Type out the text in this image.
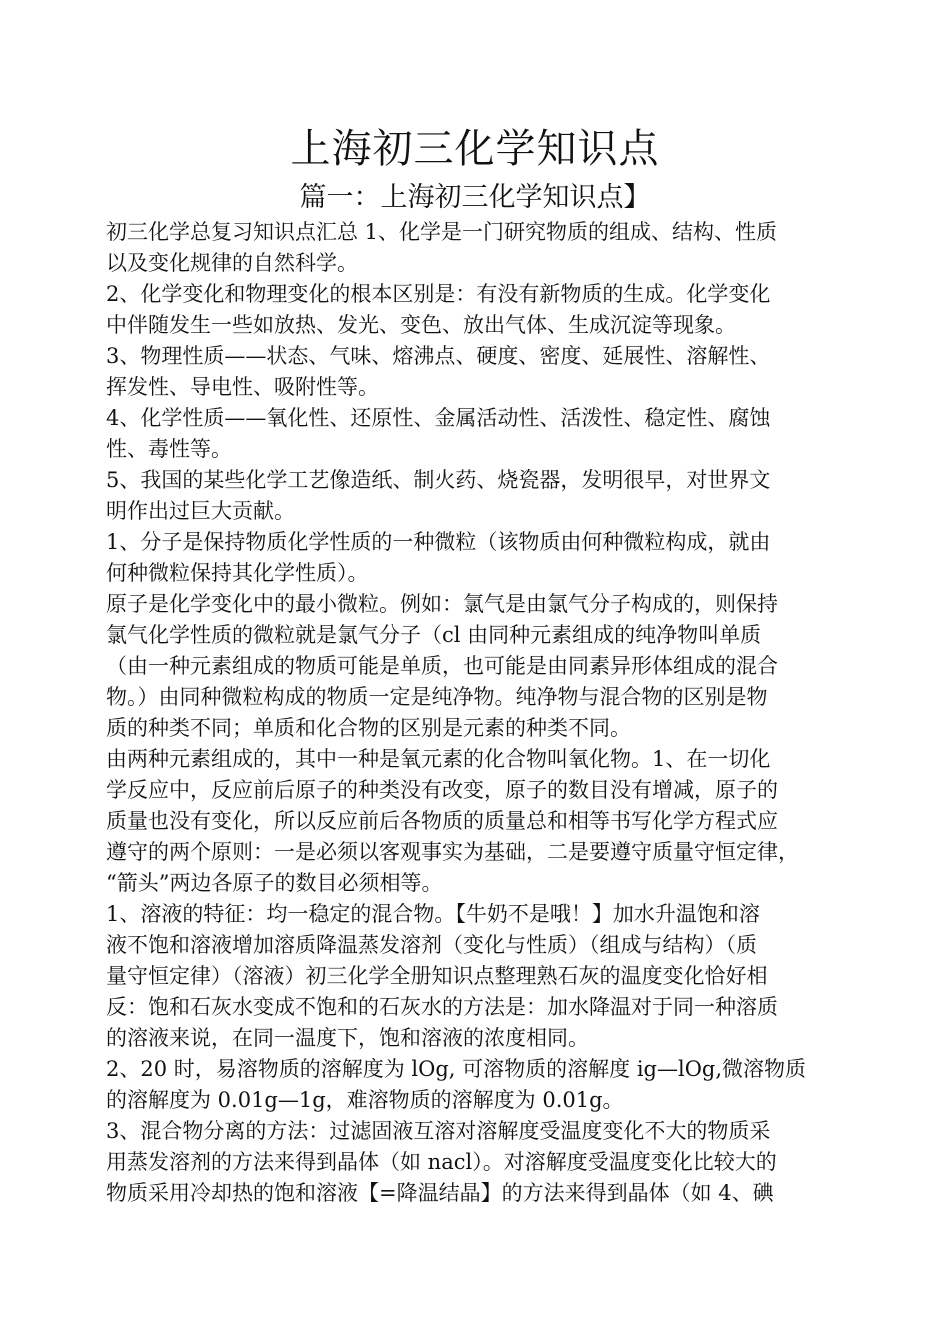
上海初三化学知识点
篇一：上海初三化学知识点】
初三化学总复习知识点汇总 1、化学是一门研究物质的组成、结构、性质
以及变化规律的自然科学。
2、化学变化和物理变化的根本区别是：有没有新物质的生成。化学变化
中伴随发生一些如放热、发光、变色、放出气体、生成沉淀等现象。
3、物理性质——状态、气味、熔沸点、硬度、密度、延展性、溶解性、
挥发性、导电性、吸附性等。
4、化学性质——氧化性、还原性、金属活动性、活泼性、稳定性、腐蚀
性、毒性等。
5、我国的某些化学工艺像造纸、制火药、烧瓷器，发明很早，对世界文
明作出过巨大贡献。
1、分子是保持物质化学性质的一种微粒（该物质由何种微粒构成，就由
何种微粒保持其化学性质）。
原子是化学变化中的最小微粒。例如：氯气是由氯气分子构成的，则保持
氯气化学性质的微粒就是氯气分子（cl 由同种元素组成的纯净物叫单质
（由一种元素组成的物质可能是单质，也可能是由同素异形体组成的混合
物。）由同种微粒构成的物质一定是纯净物。纯净物与混合物的区别是物
质的种类不同；单质和化合物的区别是元素的种类不同。
由两种元素组成的，其中一种是氧元素的化合物叫氧化物。1、在一切化
学反应中，反应前后原子的种类没有改变，原子的数目没有增减，原子的
质量也没有变化，所以反应前后各物质的质量总和相等书写化学方程式应
遵守的两个原则：一是必须以客观事实为基础，二是要遵守质量守恒定律，
“箭头”两边各原子的数目必须相等。
1、溶液的特征：均一稳定的混合物。【牛奶不是哦！】加水升温饱和溶
液不饱和溶液增加溶质降温蒸发溶剂（变化与性质）（组成与结构）（质
量守恒定律）（溶液）初三化学全册知识点整理熟石灰的温度变化恰好相
反：饱和石灰水变成不饱和的石灰水的方法是：加水降温对于同一种溶质
的溶液来说，在同一温度下，饱和溶液的浓度相同。
2、20 时，易溶物质的溶解度为 lOg, 可溶物质的溶解度 ig—lOg,微溶物质
的溶解度为 0.01g—1g，难溶物质的溶解度为 0.01g。
3、混合物分离的方法：过滤固液互溶对溶解度受温度变化不大的物质采
用蒸发溶剂的方法来得到晶体（如 nacl）。对溶解度受温度变化比较大的
物质采用冷却热的饱和溶液【=降温结晶】的方法来得到晶体（如 4、碘
